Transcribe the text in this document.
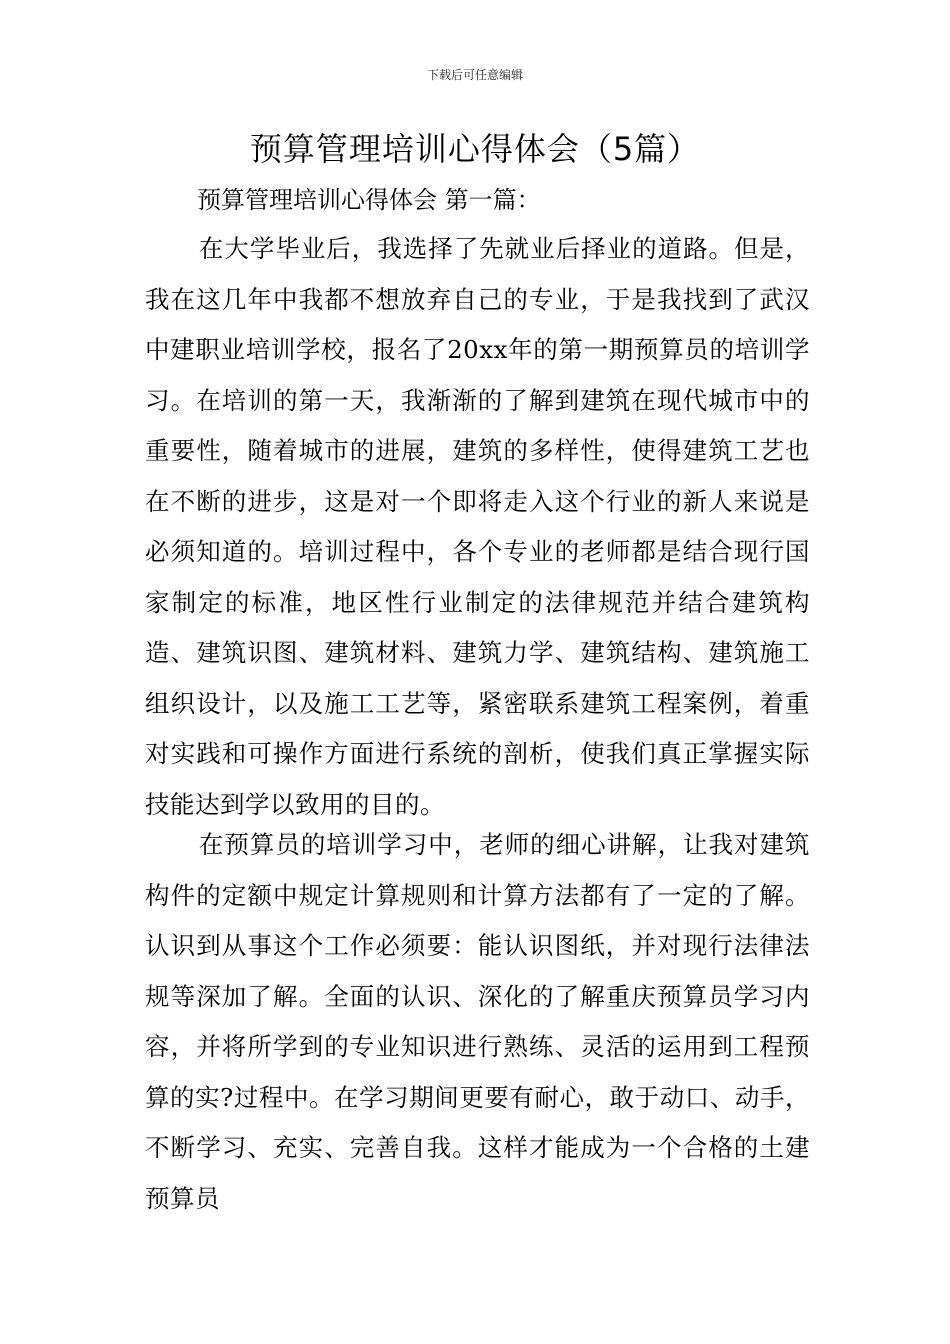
下载后可任意编辑
预算管理培训心得体会（5篇）

预算管理培训心得体会 第一篇：

在大学毕业后，我选择了先就业后择业的道路。但是，我在这几年中我都不想放弃自己的专业，于是我找到了武汉中建职业培训学校，报名了20xx年的第一期预算员的培训学习。在培训的第一天，我渐渐的了解到建筑在现代城市中的重要性，随着城市的进展，建筑的多样性，使得建筑工艺也在不断的进步，这是对一个即将走入这个行业的新人来说是必须知道的。培训过程中，各个专业的老师都是结合现行国家制定的标准，地区性行业制定的法律规范并结合建筑构造、建筑识图、建筑材料、建筑力学、建筑结构、建筑施工组织设计，以及施工工艺等，紧密联系建筑工程案例，着重对实践和可操作方面进行系统的剖析，使我们真正掌握实际技能达到学以致用的目的。

在预算员的培训学习中，老师的细心讲解，让我对建筑构件的定额中规定计算规则和计算方法都有了一定的了解。认识到从事这个工作必须要：能认识图纸，并对现行法律法规等深加了解。全面的认识、深化的了解重庆预算员学习内容，并将所学到的专业知识进行熟练、灵活的运用到工程预算的实?过程中。在学习期间更要有耐心，敢于动口、动手，不断学习、充实、完善自我。这样才能成为一个合格的土建预算员
